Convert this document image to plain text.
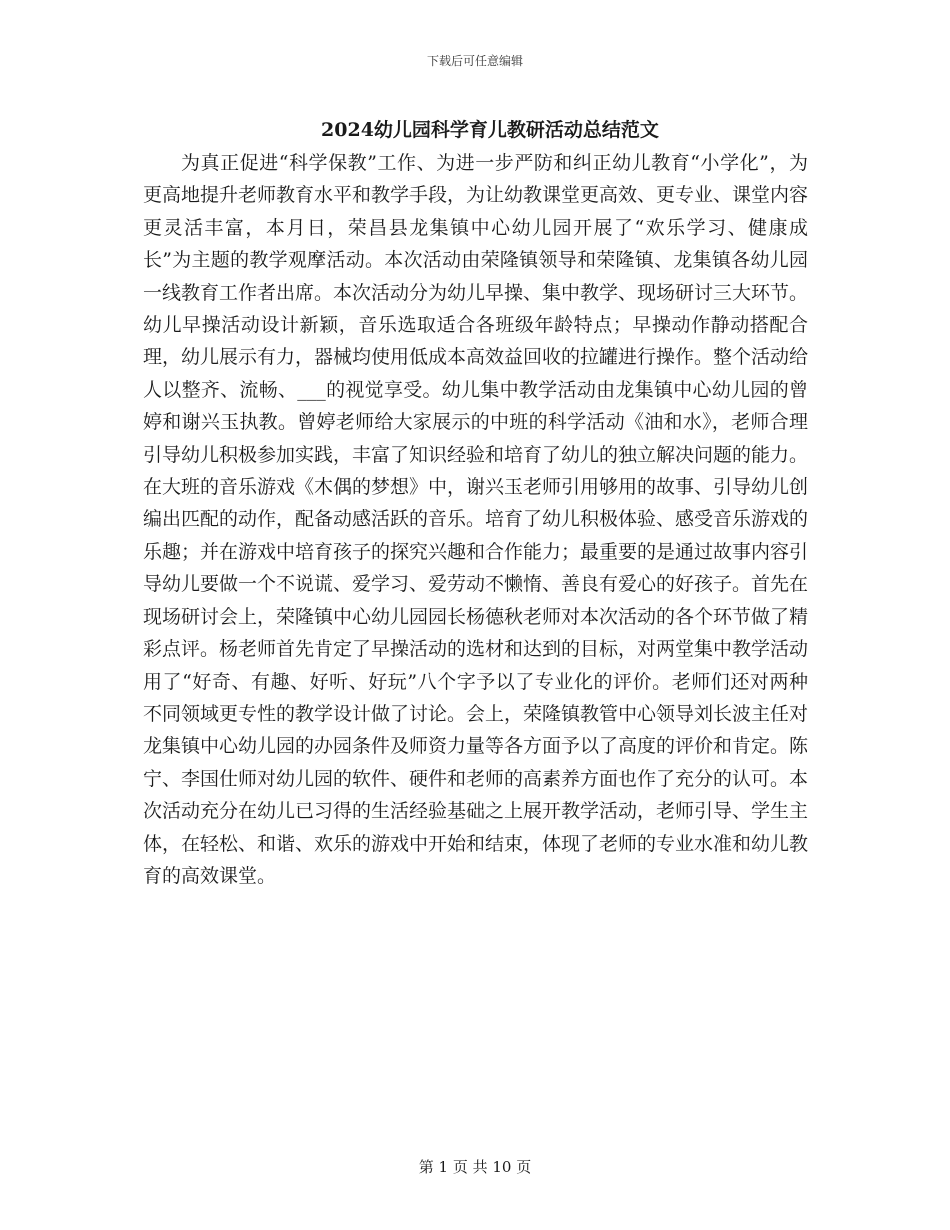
下载后可任意编辑
2024幼儿园科学育儿教研活动总结范文

为真正促进“科学保教”工作、为进一步严防和纠正幼儿教育“小学化”，为更高地提升老师教育水平和教学手段，为让幼教课堂更高效、更专业、课堂内容更灵活丰富，本月日，荣昌县龙集镇中心幼儿园开展了“欢乐学习、健康成长”为主题的教学观摩活动。本次活动由荣隆镇领导和荣隆镇、龙集镇各幼儿园一线教育工作者出席。本次活动分为幼儿早操、集中教学、现场研讨三大环节。幼儿早操活动设计新颖，音乐选取适合各班级年龄特点；早操动作静动搭配合理，幼儿展示有力，器械均使用低成本高效益回收的拉罐进行操作。整个活动给人以整齐、流畅、___的视觉享受。幼儿集中教学活动由龙集镇中心幼儿园的曾婷和谢兴玉执教。曾婷老师给大家展示的中班的科学活动《油和水》，老师合理引导幼儿积极参加实践，丰富了知识经验和培育了幼儿的独立解决问题的能力。在大班的音乐游戏《木偶的梦想》中，谢兴玉老师引用够用的故事、引导幼儿创编出匹配的动作，配备动感活跃的音乐。培育了幼儿积极体验、感受音乐游戏的乐趣；并在游戏中培育孩子的探究兴趣和合作能力；最重要的是通过故事内容引导幼儿要做一个不说谎、爱学习、爱劳动不懒惰、善良有爱心的好孩子。首先在现场研讨会上，荣隆镇中心幼儿园园长杨德秋老师对本次活动的各个环节做了精彩点评。杨老师首先肯定了早操活动的选材和达到的目标，对两堂集中教学活动用了“好奇、有趣、好听、好玩”八个字予以了专业化的评价。老师们还对两种不同领域更专性的教学设计做了讨论。会上，荣隆镇教管中心领导刘长波主任对龙集镇中心幼儿园的办园条件及师资力量等各方面予以了高度的评价和肯定。陈宁、李国仕师对幼儿园的软件、硬件和老师的高素养方面也作了充分的认可。本次活动充分在幼儿已习得的生活经验基础之上展开教学活动，老师引导、学生主体，在轻松、和谐、欢乐的游戏中开始和结束，体现了老师的专业水准和幼儿教育的高效课堂。

第 1 页 共 10 页
